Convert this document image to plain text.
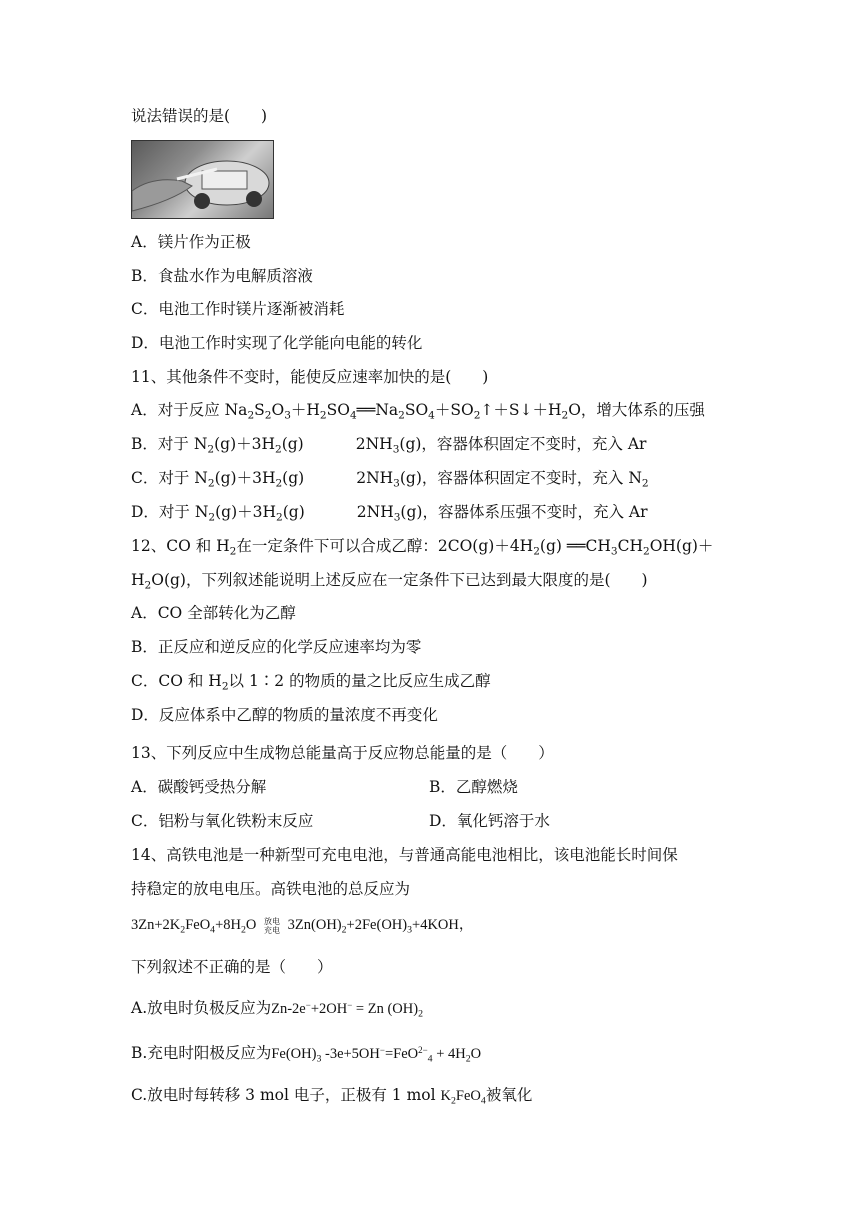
说法错误的是(　　)
A．镁片作为正极
B．食盐水作为电解质溶液
C．电池工作时镁片逐渐被消耗
D．电池工作时实现了化学能向电能的转化
11、其他条件不变时，能使反应速率加快的是(　　)
A．对于反应 $Na_2S_2O_3+H_2SO_4══Na_2SO_4+SO_2↑+S↓+H_2O$，增大体系的压强
B．对于 $N_2(g)+3H_2(g)$	$2NH_3(g)$，容器体积固定不变时，充入 Ar
C．对于 $N_2(g)+3H_2(g)$	$2NH_3(g)$，容器体积固定不变时，充入 $N_2$
D．对于 $N_2(g)+3H_2(g)$	$2NH_3(g)$，容器体系压强不变时，充入 Ar
12、CO 和 $H_2$在一定条件下可以合成乙醇：$2CO(g)+4H_2(g)$ $══CH_3CH_2OH(g)+$
$H_2O(g)$，下列叙述能说明上述反应在一定条件下已达到最大限度的是(　　)
A．CO 全部转化为乙醇
B．正反应和逆反应的化学反应速率均为零
C．CO 和 $H_2$以 1∶2 的物质的量之比反应生成乙醇
D．反应体系中乙醇的物质的量浓度不再变化
13、下列反应中生成物总能量高于反应物总能量的是（　　）
A．碳酸钙受热分解	B．乙醇燃烧
C．铝粉与氧化铁粉末反应	D．氧化钙溶于水
14、高铁电池是一种新型可充电电池，与普通高能电池相比，该电池能长时间保
持稳定的放电电压。高铁电池的总反应为
$3Zn+2K_2FeO_4+8H_2O$ 放电
充电 $3Zn(OH)_2+2Fe(OH)_3+4KOH$，
下列叙述不正确的是（　　）
A.放电时负极反应为Zn-2e−+2OH− = Zn $(OH)_2$
B.充电时阳极反应为$Fe(OH)_3$ $-3e+5OH^-=FeO^{2-}_4 + 4H_2O$
C.放电时每转移 3 mol 电子，正极有 1 mol $K_2FeO_4$被氧化
